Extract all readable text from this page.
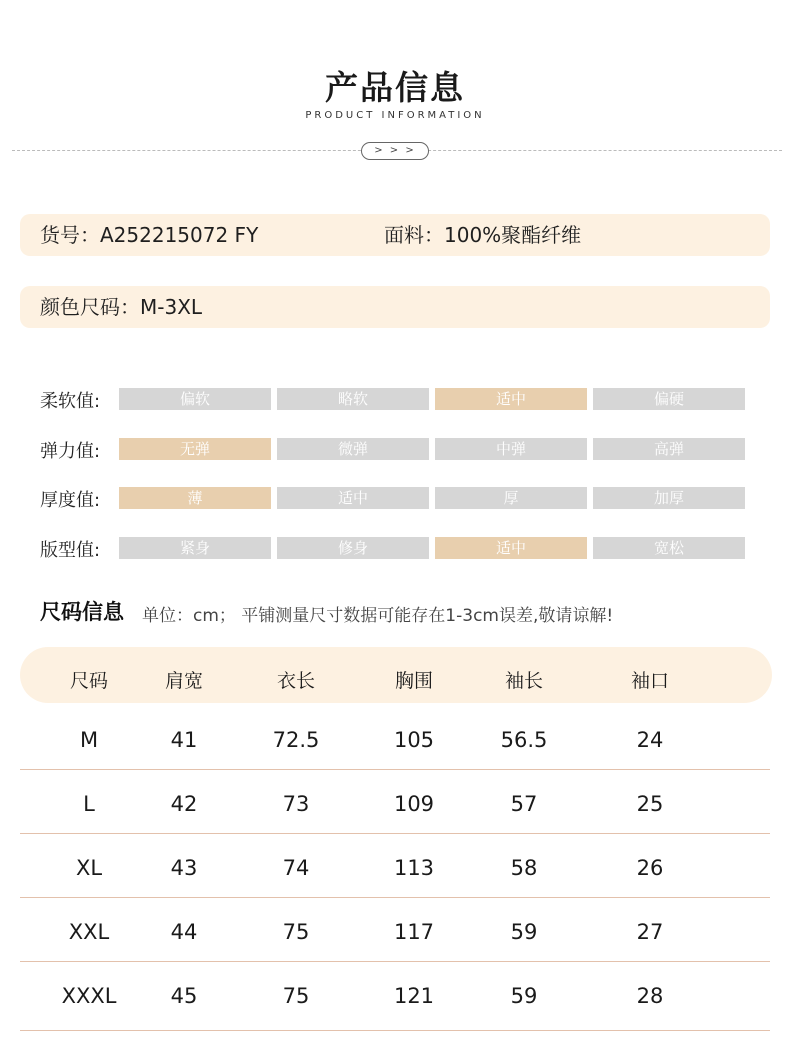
产品信息
PRODUCT INFORMATION
> > >
货号：A252215072 FY	面料：100%聚酯纤维
颜色尺码：M-3XL
柔软值:	偏软	略软	适中	偏硬
弹力值:	无弹	微弹	中弹	高弹
厚度值:	薄	适中	厚	加厚
版型值:	紧身	修身	适中	宽松
尺码信息 单位：cm； 平铺测量尺寸数据可能存在1-3cm误差,敬请谅解!
尺码	肩宽	衣长	胸围	袖长	袖口
M	41	72.5	105	56.5	24
L	42	73	109	57	25
XL	43	74	113	58	26
XXL	44	75	117	59	27
XXXL	45	75	121	59	28
